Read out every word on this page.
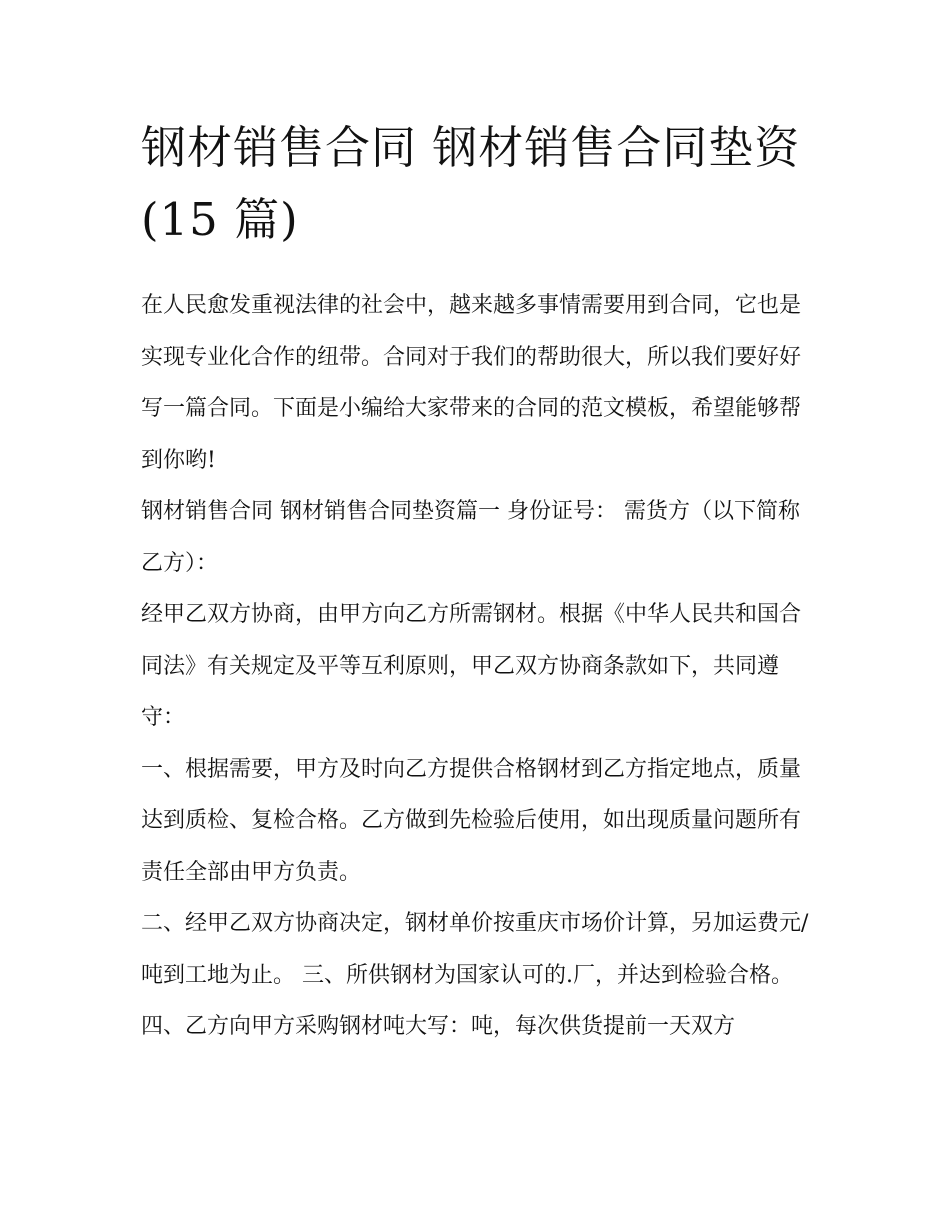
钢材销售合同 钢材销售合同垫资(15 篇)

在人民愈发重视法律的社会中，越来越多事情需要用到合同，它也是实现专业化合作的纽带。合同对于我们的帮助很大，所以我们要好好写一篇合同。下面是小编给大家带来的合同的范文模板，希望能够帮到你哟!

钢材销售合同 钢材销售合同垫资篇一 身份证号： 需货方（以下简称乙方）：

经甲乙双方协商，由甲方向乙方所需钢材。根据《中华人民共和国合同法》有关规定及平等互利原则，甲乙双方协商条款如下，共同遵守：

一、根据需要，甲方及时向乙方提供合格钢材到乙方指定地点，质量达到质检、复检合格。乙方做到先检验后使用，如出现质量问题所有责任全部由甲方负责。

二、经甲乙双方协商决定，钢材单价按重庆市场价计算，另加运费元/吨到工地为止。 三、所供钢材为国家认可的.厂，并达到检验合格。

四、乙方向甲方采购钢材吨大写：吨，每次供货提前一天双方
